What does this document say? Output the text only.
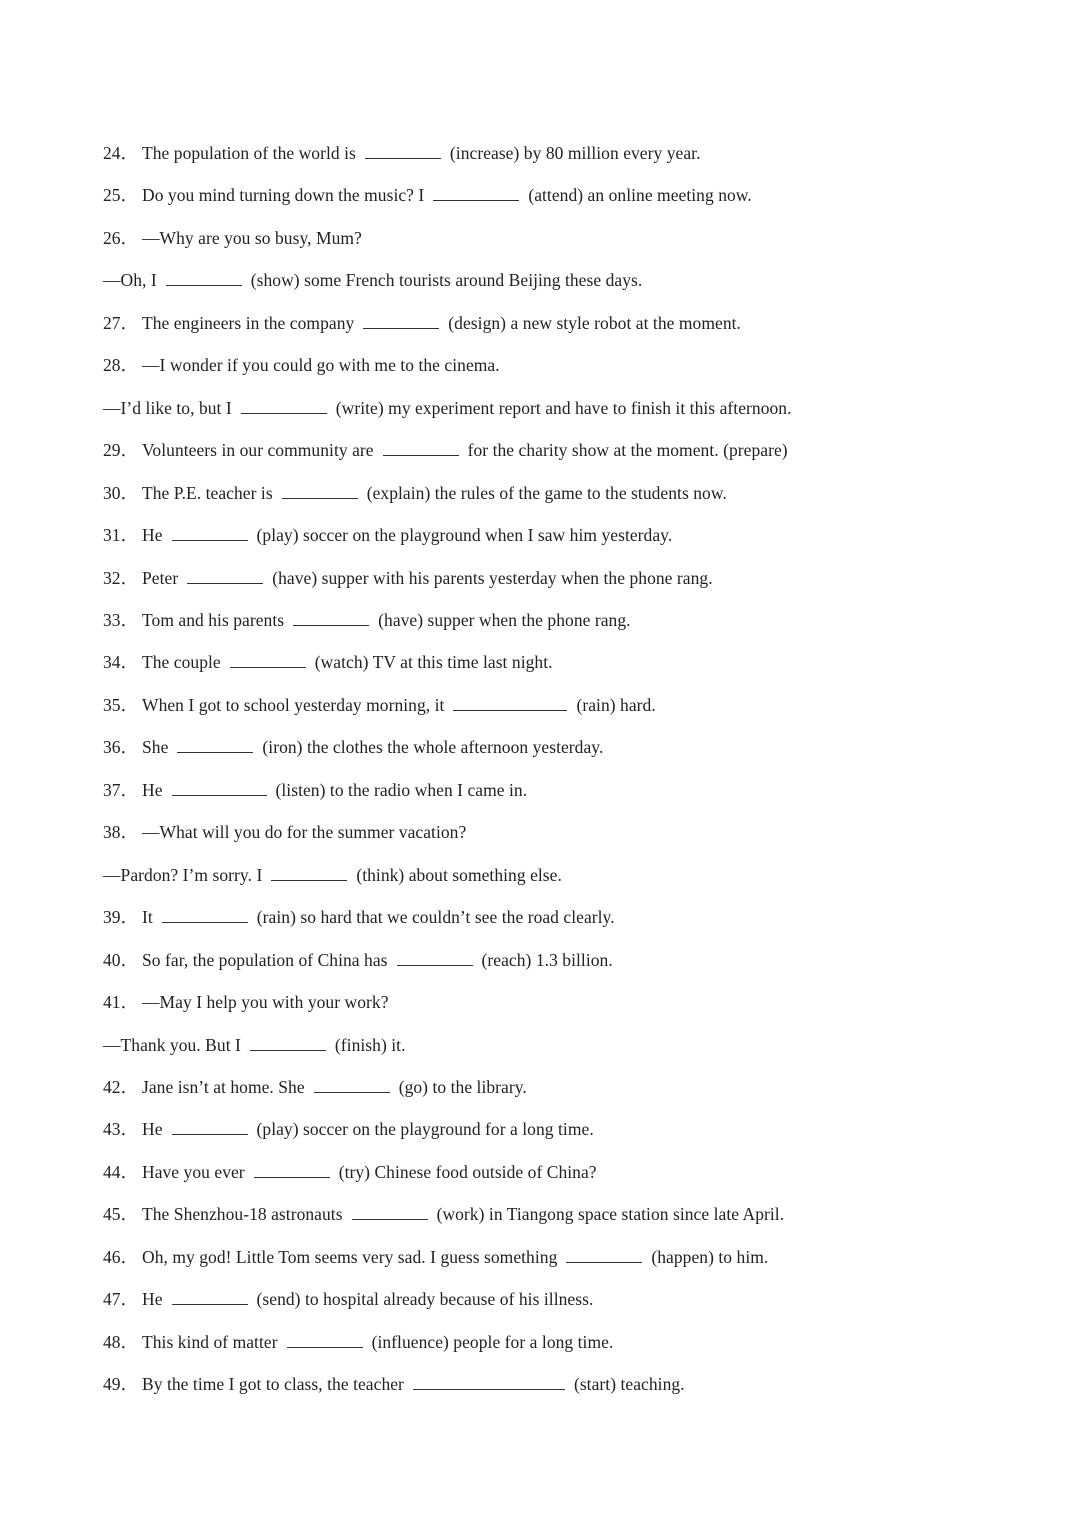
24． The population of the world is	(increase) by 80 million every year.
25． Do you mind turning down the music? I	(attend) an online meeting now.
26． —Why are you so busy, Mum?
—Oh, I	(show) some French tourists around Beijing these days.
27． The engineers in the company	(design) a new style robot at the moment.
28． —I wonder if you could go with me to the cinema.
—I’d like to, but I	(write) my experiment report and have to finish it this afternoon.
29． Volunteers in our community are	for the charity show at the moment. (prepare)
30． The P.E. teacher is	(explain) the rules of the game to the students now.
31． He	(play) soccer on the playground when I saw him yesterday.
32． Peter	(have) supper with his parents yesterday when the phone rang.
33． Tom and his parents	(have) supper when the phone rang.
34． The couple	(watch) TV at this time last night.
35． When I got to school yesterday morning, it	(rain) hard.
36． She	(iron) the clothes the whole afternoon yesterday.
37． He	(listen) to the radio when I came in.
38． —What will you do for the summer vacation?
—Pardon? I’m sorry. I	(think) about something else.
39． It	(rain) so hard that we couldn’t see the road clearly.
40． So far, the population of China has	(reach) 1.3 billion.
41． —May I help you with your work?
—Thank you. But I	(finish) it.
42． Jane isn’t at home. She	(go) to the library.
43． He	(play) soccer on the playground for a long time.
44． Have you ever	(try) Chinese food outside of China?
45． The Shenzhou-18 astronauts	(work) in Tiangong space station since late April.
46． Oh, my god! Little Tom seems very sad. I guess something	(happen) to him.
47． He	(send) to hospital already because of his illness.
48． This kind of matter	(influence) people for a long time.
49． By the time I got to class, the teacher	(start) teaching.
